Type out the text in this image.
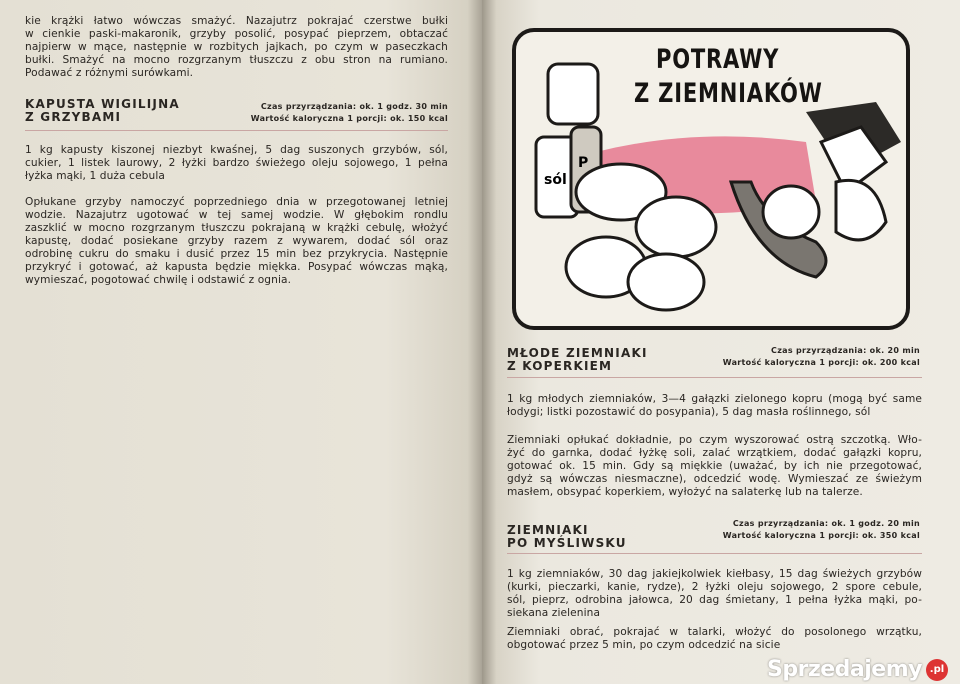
kie krążki łatwo wówczas smażyć. Nazajutrz pokrajać czerstwe bułki
w cienkie paski-makaronik, grzyby posolić, posypać pieprzem, obtaczać
najpierw w mące, następnie w rozbitych jajkach, po czym w paseczkach
bułki. Smażyć na mocno rozgrzanym tłuszczu z obu stron na rumiano.
Podawać z różnymi surówkami.
KAPUSTA WIGILIJNA
Z GRZYBAMI
Czas przyrządzania: ok. 1 godz. 30 min
Wartość kaloryczna 1 porcji: ok. 150 kcal
1 kg kapusty kiszonej niezbyt kwaśnej, 5 dag suszonych grzybów, sól,
cukier, 1 listek laurowy, 2 łyżki bardzo świeżego oleju sojowego, 1 pełna
łyżka mąki, 1 duża cebula
Opłukane grzyby namoczyć poprzedniego dnia w przegotowanej letniej
wodzie. Nazajutrz ugotować w tej samej wodzie. W głębokim rondlu
zaszklić w mocno rozgrzanym tłuszczu pokrajaną w krążki cebulę, włożyć
kapustę, dodać posiekane grzyby razem z wywarem, dodać sól oraz
odrobinę cukru do smaku i dusić przez 15 min bez przykrycia. Następnie
przykryć i gotować, aż kapusta będzie miękka. Posypać wówczas mąką,
wymieszać, pogotować chwilę i odstawić z ognia.
sól
P
POTRAWY
Z ZIEMNIAKÓW
MŁODE ZIEMNIAKI
Z KOPERKIEM
Czas przyrządzania: ok. 20 min
Wartość kaloryczna 1 porcji: ok. 200 kcal
1 kg młodych ziemniaków, 3—4 gałązki zielonego kopru (mogą być same
łodygi; listki pozostawić do posypania), 5 dag masła roślinnego, sól
Ziemniaki opłukać dokładnie, po czym wyszorować ostrą szczotką. Wło-
żyć do garnka, dodać łyżkę soli, zalać wrzątkiem, dodać gałązki kopru,
gotować ok. 15 min. Gdy są miękkie (uważać, by ich nie przegotować,
gdyż są wówczas niesmaczne), odcedzić wodę. Wymieszać ze świeżym
masłem, obsypać koperkiem, wyłożyć na salaterkę lub na talerze.
ZIEMNIAKI
PO MYŚLIWSKU
Czas przyrządzania: ok. 1 godz. 20 min
Wartość kaloryczna 1 porcji: ok. 350 kcal
1 kg ziemniaków, 30 dag jakiejkolwiek kiełbasy, 15 dag świeżych grzybów
(kurki, pieczarki, kanie, rydze), 2 łyżki oleju sojowego, 2 spore cebule,
sól, pieprz, odrobina jałowca, 20 dag śmietany, 1 pełna łyżka mąki, po-
siekana zielenina
Ziemniaki obrać, pokrajać w talarki, włożyć do posolonego wrzątku,
obgotować przez 5 min, po czym odcedzić na sicie
Sprzedajemy .pl
